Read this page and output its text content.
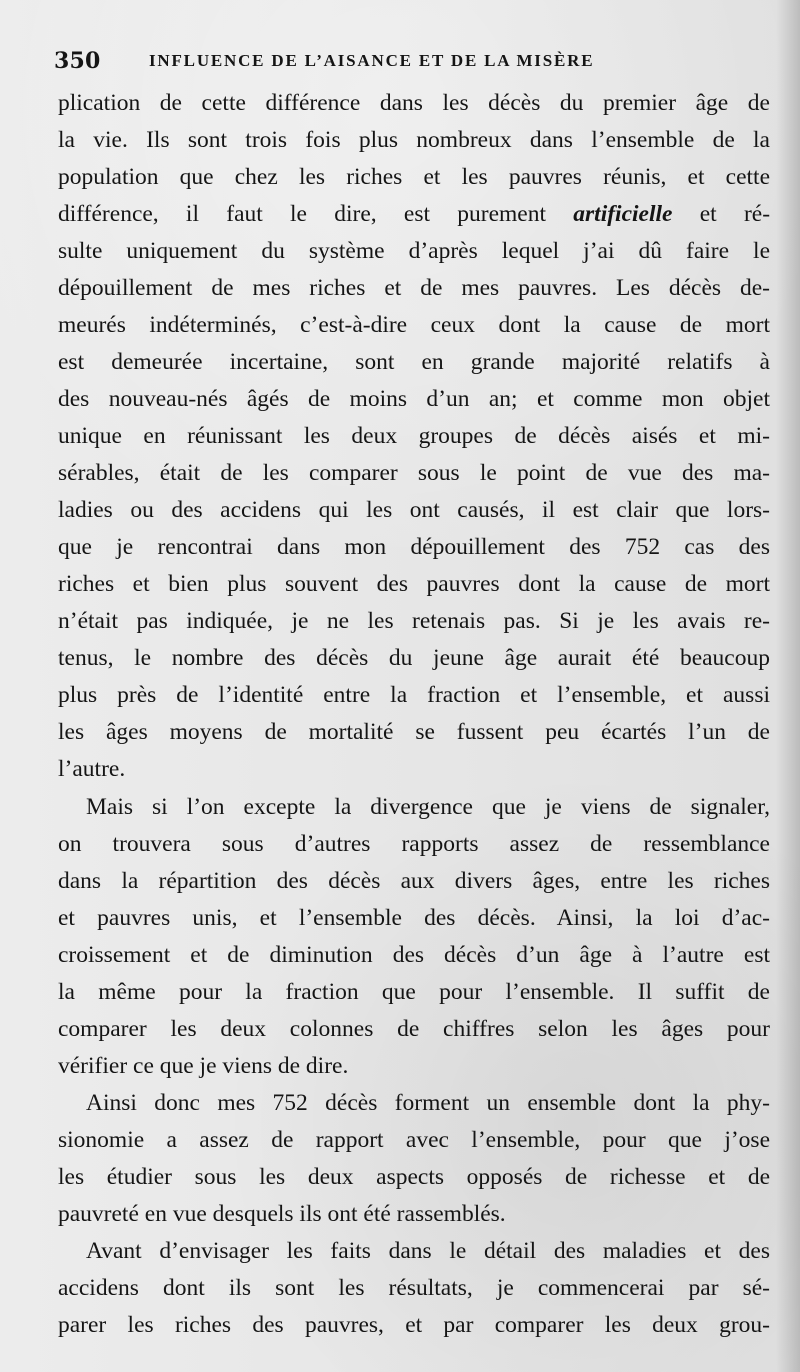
350	INFLUENCE DE L’AISANCE ET DE LA MISÈRE
plication de cette différence dans les décès du premier âge de
la vie. Ils sont trois fois plus nombreux dans l’ensemble de la
population que chez les riches et les pauvres réunis, et cette
différence, il faut le dire, est purement artificielle et ré-
sulte uniquement du système d’après lequel j’ai dû faire le
dépouillement de mes riches et de mes pauvres. Les décès de-
meurés indéterminés, c’est-à-dire ceux dont la cause de mort
est demeurée incertaine, sont en grande majorité relatifs à
des nouveau-nés âgés de moins d’un an; et comme mon objet
unique en réunissant les deux groupes de décès aisés et mi-
sérables, était de les comparer sous le point de vue des ma-
ladies ou des accidens qui les ont causés, il est clair que lors-
que je rencontrai dans mon dépouillement des 752 cas des
riches et bien plus souvent des pauvres dont la cause de mort
n’était pas indiquée, je ne les retenais pas. Si je les avais re-
tenus, le nombre des décès du jeune âge aurait été beaucoup
plus près de l’identité entre la fraction et l’ensemble, et aussi
les âges moyens de mortalité se fussent peu écartés l’un de
l’autre.
Mais si l’on excepte la divergence que je viens de signaler,
on trouvera sous d’autres rapports assez de ressemblance
dans la répartition des décès aux divers âges, entre les riches
et pauvres unis, et l’ensemble des décès. Ainsi, la loi d’ac-
croissement et de diminution des décès d’un âge à l’autre est
la même pour la fraction que pour l’ensemble. Il suffit de
comparer les deux colonnes de chiffres selon les âges pour
vérifier ce que je viens de dire.
Ainsi donc mes 752 décès forment un ensemble dont la phy-
sionomie a assez de rapport avec l’ensemble, pour que j’ose
les étudier sous les deux aspects opposés de richesse et de
pauvreté en vue desquels ils ont été rassemblés.
Avant d’envisager les faits dans le détail des maladies et des
accidens dont ils sont les résultats, je commencerai par sé-
parer les riches des pauvres, et par comparer les deux grou-
